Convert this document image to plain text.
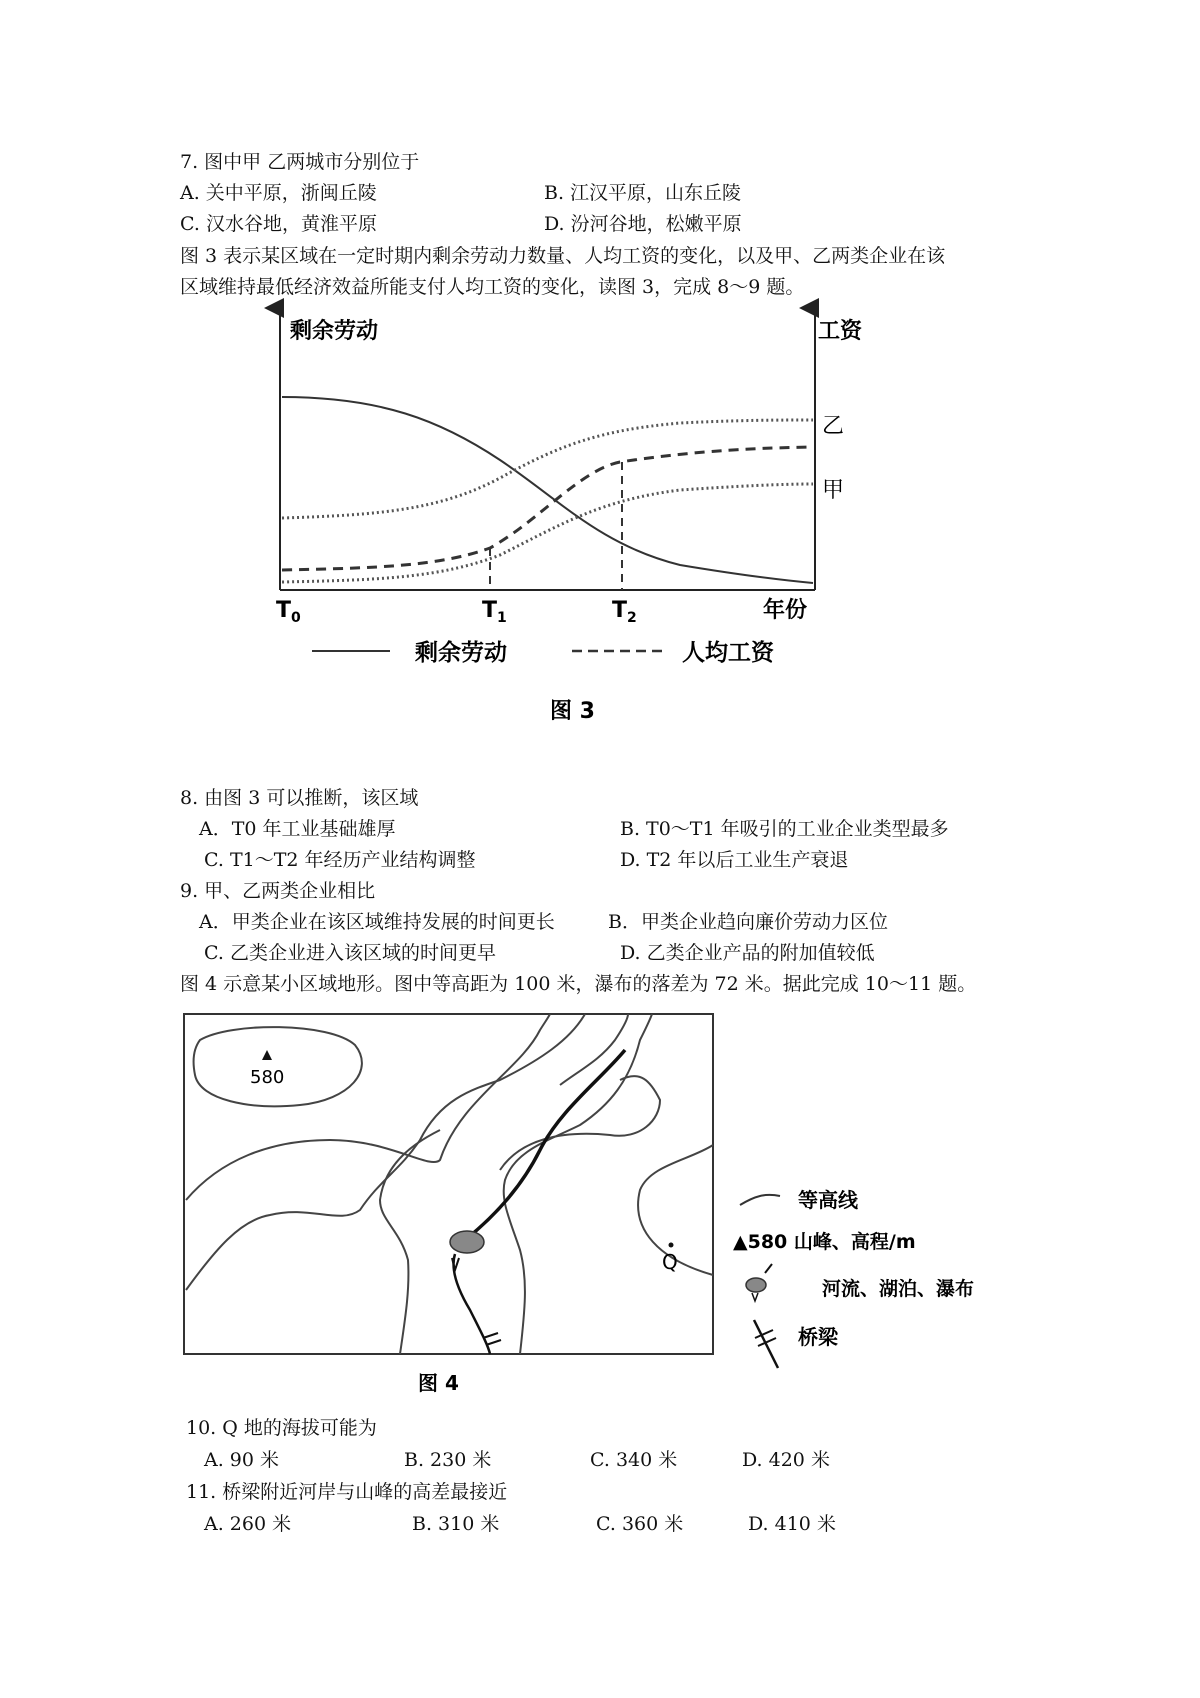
7. 图中甲 乙两城市分别位于
A. 关中平原，浙闽丘陵	B. 江汉平原，山东丘陵
C. 汉水谷地，黄淮平原	D. 汾河谷地，松嫩平原
图 3 表示某区域在一定时期内剩余劳动力数量、人均工资的变化，以及甲、乙两类企业在该
区域维持最低经济效益所能支付人均工资的变化，读图 3，完成 8～9 题。
剩余劳动	工资
$T_0$	$T_1$	$T_2$	年份
乙
甲
剩余劳动	人均工资
图 3
8. 由图 3 可以推断，该区域
A．T0 年工业基础雄厚	B. T0～T1 年吸引的工业企业类型最多
C. T1～T2 年经历产业结构调整	D. T2 年以后工业生产衰退
9. 甲、乙两类企业相比
A．甲类企业在该区域维持发展的时间更长	B．甲类企业趋向廉价劳动力区位
C. 乙类企业进入该区域的时间更早	D. 乙类企业产品的附加值较低
图 4 示意某小区域地形。图中等高距为 100 米，瀑布的落差为 72 米。据此完成 10～11 题。
580
Q
等高线
▲580 山峰、高程/m
河流、湖泊、瀑布
桥梁
图 4
10. Q 地的海拔可能为
A. 90 米	B. 230 米	C. 340 米	D. 420 米
11. 桥梁附近河岸与山峰的高差最接近
A. 260 米	B. 310 米	C. 360 米	D. 410 米
